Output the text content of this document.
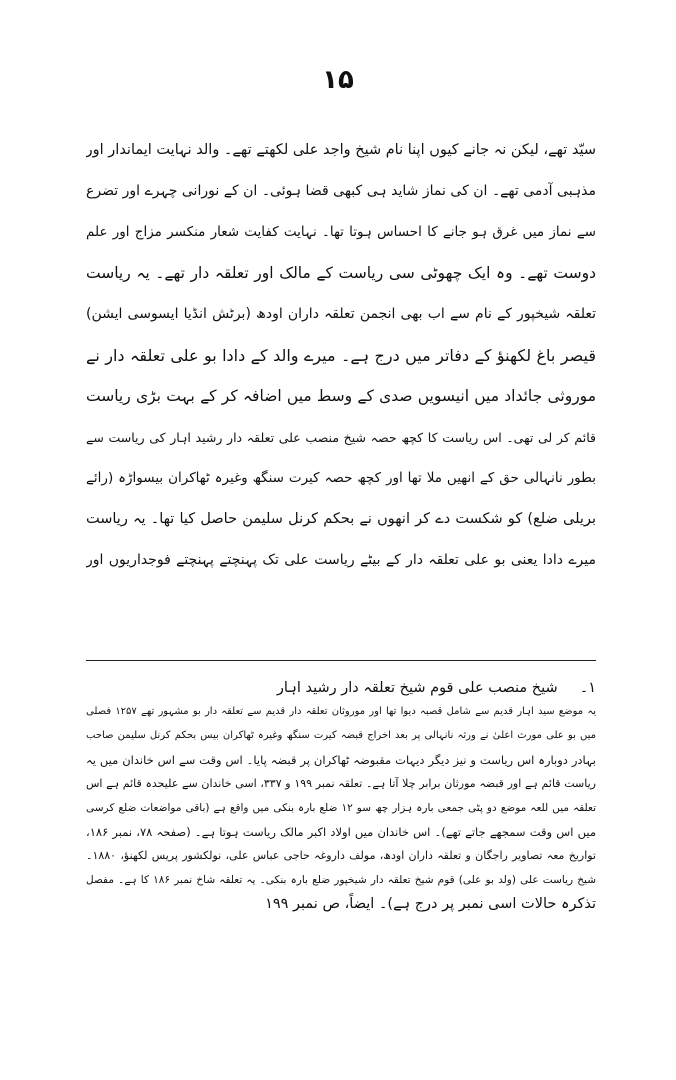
۱۵
سیّد تھے، لیکن نہ جانے کیوں اپنا نام شیخ واجد علی لکھتے تھے۔ والد نہایت ایماندار اور
مذہبی آدمی تھے۔ ان کی نماز شاید ہی کبھی قضا ہوئی۔ ان کے نورانی چہرے اور تضرع
سے نماز میں غرق ہو جانے کا احساس ہوتا تھا۔ نہایت کفایت شعار منکسر مزاج اور علم
دوست تھے۔ وہ ایک چھوٹی سی ریاست کے مالک اور تعلقہ دار تھے۔ یہ ریاست
تعلقہ شیخپور کے نام سے اب بھی انجمن تعلقہ داران اودھ (برٹش انڈیا ایسوسی ایشن)
قیصر باغ لکھنؤ کے دفاتر میں درج ہے۔ میرے والد کے دادا بو علی تعلقہ دار نے
موروثی جائداد میں انیسویں صدی کے وسط میں اضافہ کر کے بہت بڑی ریاست
قائم کر لی تھی۔ اس ریاست کا کچھ حصہ شیخ منصب علی تعلقہ دار رشید اہار کی ریاست سے
بطور نانہالی حق کے انھیں ملا تھا اور کچھ حصہ کیرت سنگھ وغیرہ ٹھاکران بیسواڑہ (رائے
بریلی ضلع) کو شکست دے کر انھوں نے بحکم کرنل سلیمن حاصل کیا تھا۔ یہ ریاست
میرے دادا یعنی بو علی تعلقہ دار کے بیٹے ریاست علی تک پہنچتے پہنچتے فوجداریوں اور
۱۔شیخ منصب علی قوم شیخ تعلقہ دار رشید اہار
یہ موضع سید اہار قدیم سے شامل قصبہ دیوا تھا اور موروثان تعلقہ دار قدیم سے تعلقہ دار بو مشہور تھے ۱۲۵۷ فصلی
میں بو علی مورث اعلیٰ نے ورثہ نانہالی پر بعد اخراج قبضہ کیرت سنگھ وغیرہ ٹھاکران بیس بحکم کرنل سلیمن صاحب
بہادر دوبارہ اس ریاست و نیز دیگر دیہات مقبوضہ ٹھاکران پر قبضہ پایا۔ اس وقت سے اس خاندان میں یہ
ریاست قائم ہے اور قبضہ مورثان برابر چلا آتا ہے۔ تعلقہ نمبر ۱۹۹ و ۳۳۷، اسی خاندان سے علیحدہ قائم ہے اس
تعلقہ میں للعہ موضع دو پٹی جمعی بارہ ہزار چھ سو ۱۲ ضلع بارہ بنکی میں واقع ہے (باقی مواضعات ضلع کرسی
میں اس وقت سمجھے جاتے تھے)۔ اس خاندان میں اولاد اکبر مالک ریاست ہوتا ہے۔ (صفحہ ۷۸، نمبر ۱۸۶،
تواریخ معہ تصاویر راجگان و تعلقہ داران اودھ، مولف داروغہ حاجی عباس علی، نولکشور پریس لکھنؤ، ۱۸۸۰۔
شیخ ریاست علی (ولد بو علی) قوم شیخ تعلقہ دار شیخپور ضلع بارہ بنکی۔ یہ تعلقہ شاخ نمبر ۱۸۶ کا ہے۔ مفصل
تذکرہ حالات اسی نمبر پر درج ہے)۔ ایضاً، ص نمبر ۱۹۹
